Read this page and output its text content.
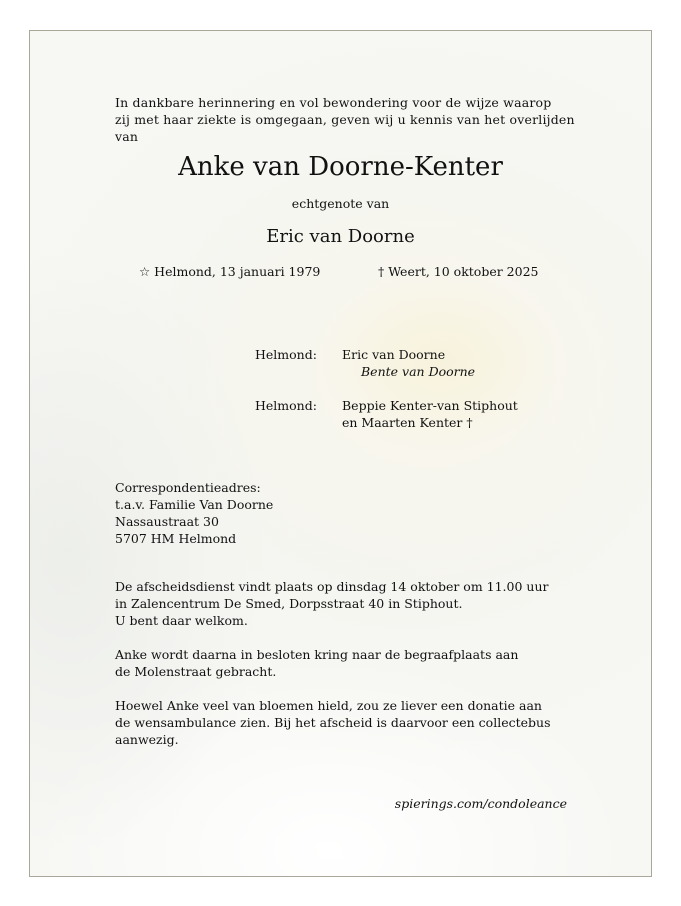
In dankbare herinnering en vol bewondering voor de wijze waarop
zij met haar ziekte is omgegaan, geven wij u kennis van het overlijden
van
Anke van Doorne-Kenter
echtgenote van
Eric van Doorne
☆ Helmond, 13 januari 1979	† Weert, 10 oktober 2025
Helmond: Eric van Doorne
Bente van Doorne
Helmond: Beppie Kenter-van Stiphout
en Maarten Kenter †
Correspondentieadres:
t.a.v. Familie Van Doorne
Nassaustraat 30
5707 HM Helmond
De afscheidsdienst vindt plaats op dinsdag 14 oktober om 11.00 uur
in Zalencentrum De Smed, Dorpsstraat 40 in Stiphout.
U bent daar welkom.
Anke wordt daarna in besloten kring naar de begraafplaats aan
de Molenstraat gebracht.
Hoewel Anke veel van bloemen hield, zou ze liever een donatie aan
de wensambulance zien. Bij het afscheid is daarvoor een collectebus
aanwezig.
spierings.com/condoleance
